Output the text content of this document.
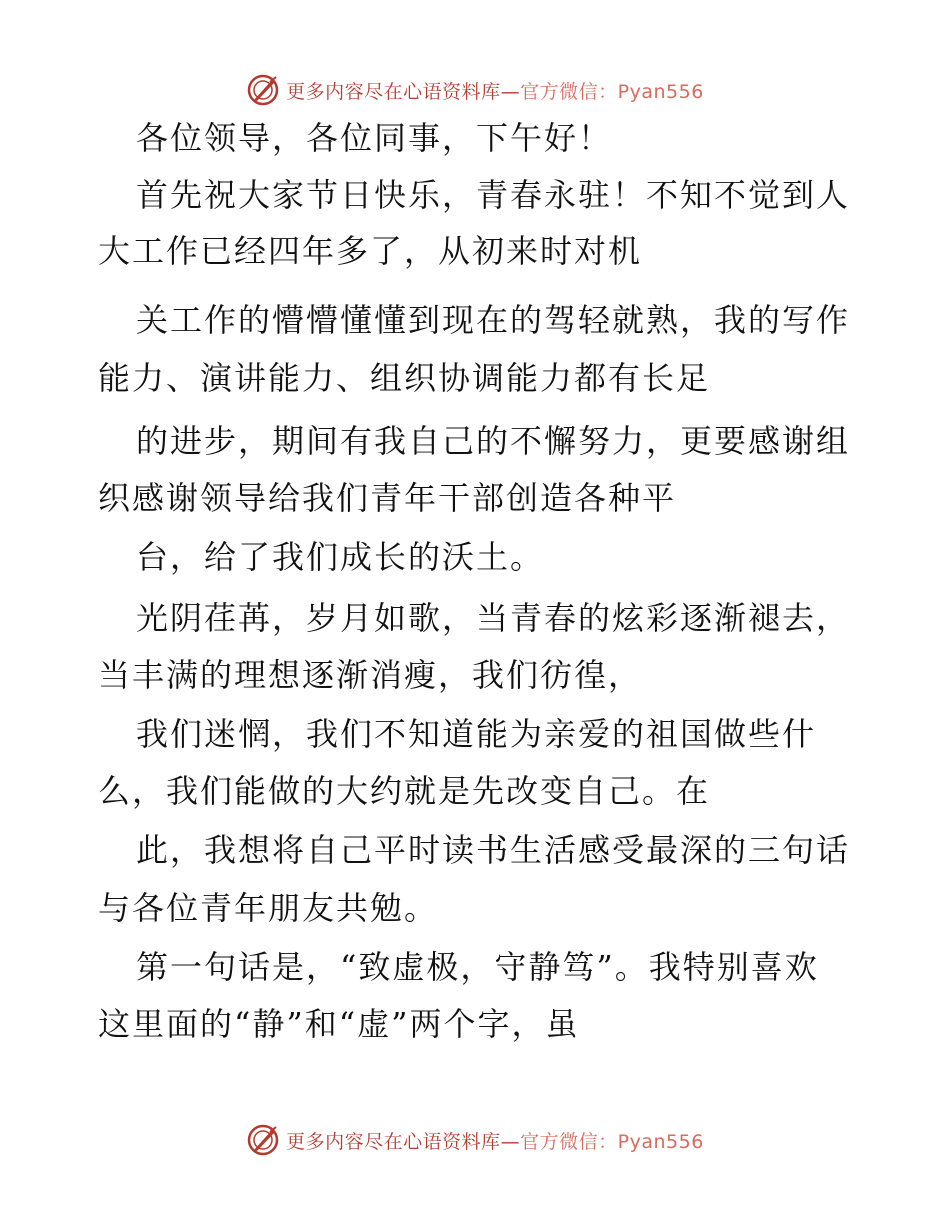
更多内容尽在心语资料库—官方微信：Pyan556
各位领导，各位同事，下午好！
首先祝大家节日快乐，青春永驻！不知不觉到人
大工作已经四年多了，从初来时对机
关工作的懵懵懂懂到现在的驾轻就熟，我的写作
能力、演讲能力、组织协调能力都有长足
的进步，期间有我自己的不懈努力，更要感谢组
织感谢领导给我们青年干部创造各种平
台，给了我们成长的沃土。
光阴荏苒，岁月如歌，当青春的炫彩逐渐褪去，
当丰满的理想逐渐消瘦，我们彷徨，
我们迷惘，我们不知道能为亲爱的祖国做些什
么，我们能做的大约就是先改变自己。在
此，我想将自己平时读书生活感受最深的三句话
与各位青年朋友共勉。
第一句话是，“致虚极，守静笃”。我特别喜欢
这里面的“静”和“虚”两个字，虽
更多内容尽在心语资料库—官方微信：Pyan556
